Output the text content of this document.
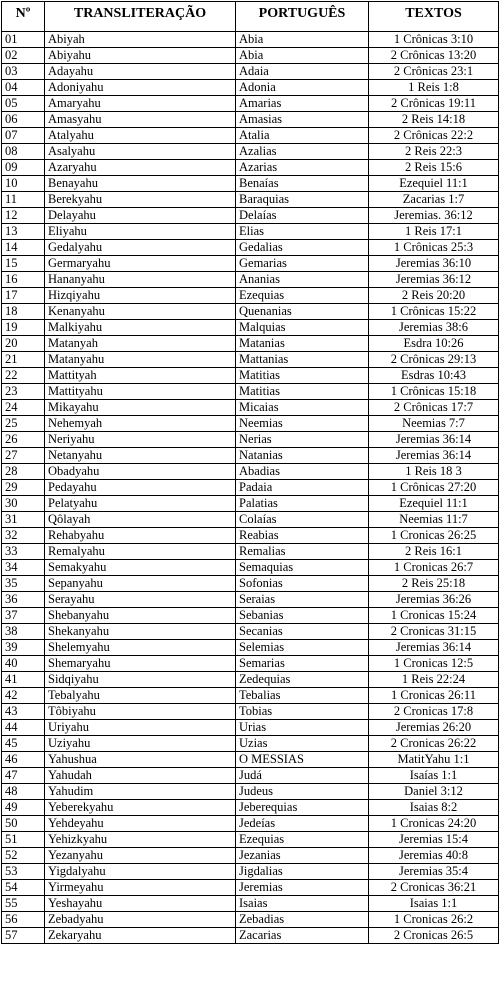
Nº	TRANSLITERAÇÃO	PORTUGUÊS	TEXTOS
01	Abiyah	Abia	1 Crônicas 3:10
02	Abiyahu	Abia	2 Crônicas 13:20
03	Adayahu	Adaia	2 Crônicas 23:1
04	Adoniyahu	Adonia	1 Reis 1:8
05	Amaryahu	Amarias	2 Crônicas 19:11
06	Amasyahu	Amasias	2 Reis 14:18
07	Atalyahu	Atalia	2 Crônicas 22:2
08	Asalyahu	Azalias	2 Reis 22:3
09	Azaryahu	Azarias	2 Reis 15:6
10	Benayahu	Benaías	Ezequiel 11:1
11	Berekyahu	Baraquias	Zacarias 1:7
12	Delayahu	Delaías	Jeremias. 36:12
13	Eliyahu	Elias	1 Reis 17:1
14	Gedalyahu	Gedalias	1 Crônicas 25:3
15	Germaryahu	Gemarias	Jeremias 36:10
16	Hananyahu	Ananias	Jeremias 36:12
17	Hizqiyahu	Ezequias	2 Reis 20:20
18	Kenanyahu	Quenanias	1 Crônicas 15:22
19	Malkiyahu	Malquias	Jeremias 38:6
20	Matanyah	Matanias	Esdra 10:26
21	Matanyahu	Mattanias	2 Crônicas 29:13
22	Mattityah	Matitias	Esdras 10:43
23	Mattityahu	Matitias	1 Crônicas 15:18
24	Mikayahu	Micaias	2 Crônicas 17:7
25	Nehemyah	Neemias	Neemias 7:7
26	Neriyahu	Nerias	Jeremias 36:14
27	Netanyahu	Natanias	Jeremias 36:14
28	Obadyahu	Abadias	1 Reis 18 3
29	Pedayahu	Padaia	1 Crônicas 27:20
30	Pelatyahu	Palatias	Ezequiel 11:1
31	Qôlayah	Colaías	Neemias 11:7
32	Rehabyahu	Reabias	1 Cronicas 26:25
33	Remalyahu	Remalias	2 Reis 16:1
34	Semakyahu	Semaquias	1 Cronicas 26:7
35	Sepanyahu	Sofonias	2 Reis 25:18
36	Serayahu	Seraias	Jeremias 36:26
37	Shebanyahu	Sebanias	1 Cronicas 15:24
38	Shekanyahu	Secanias	2 Cronicas 31:15
39	Shelemyahu	Selemias	Jeremias 36:14
40	Shemaryahu	Semarias	1 Cronicas 12:5
41	Sidqiyahu	Zedequias	1 Reis 22:24
42	Tebalyahu	Tebalias	1 Cronicas 26:11
43	Tôbiyahu	Tobias	2 Cronicas 17:8
44	Uriyahu	Urias	Jeremias 26:20
45	Uziyahu	Uzias	2 Cronicas 26:22
46	Yahushua	O MESSIAS	MatitYahu 1:1
47	Yahudah	Judá	Isaías 1:1
48	Yahudim	Judeus	Daniel 3:12
49	Yeberekyahu	Jeberequias	Isaias 8:2
50	Yehdeyahu	Jedeías	1 Cronicas 24:20
51	Yehizkyahu	Ezequias	Jeremias 15:4
52	Yezanyahu	Jezanias	Jeremias 40:8
53	Yigdalyahu	Jigdalias	Jeremias 35:4
54	Yirmeyahu	Jeremias	2 Cronicas 36:21
55	Yeshayahu	Isaias	Isaias 1:1
56	Zebadyahu	Zebadias	1 Cronicas 26:2
57	Zekaryahu	Zacarias	2 Cronicas 26:5
